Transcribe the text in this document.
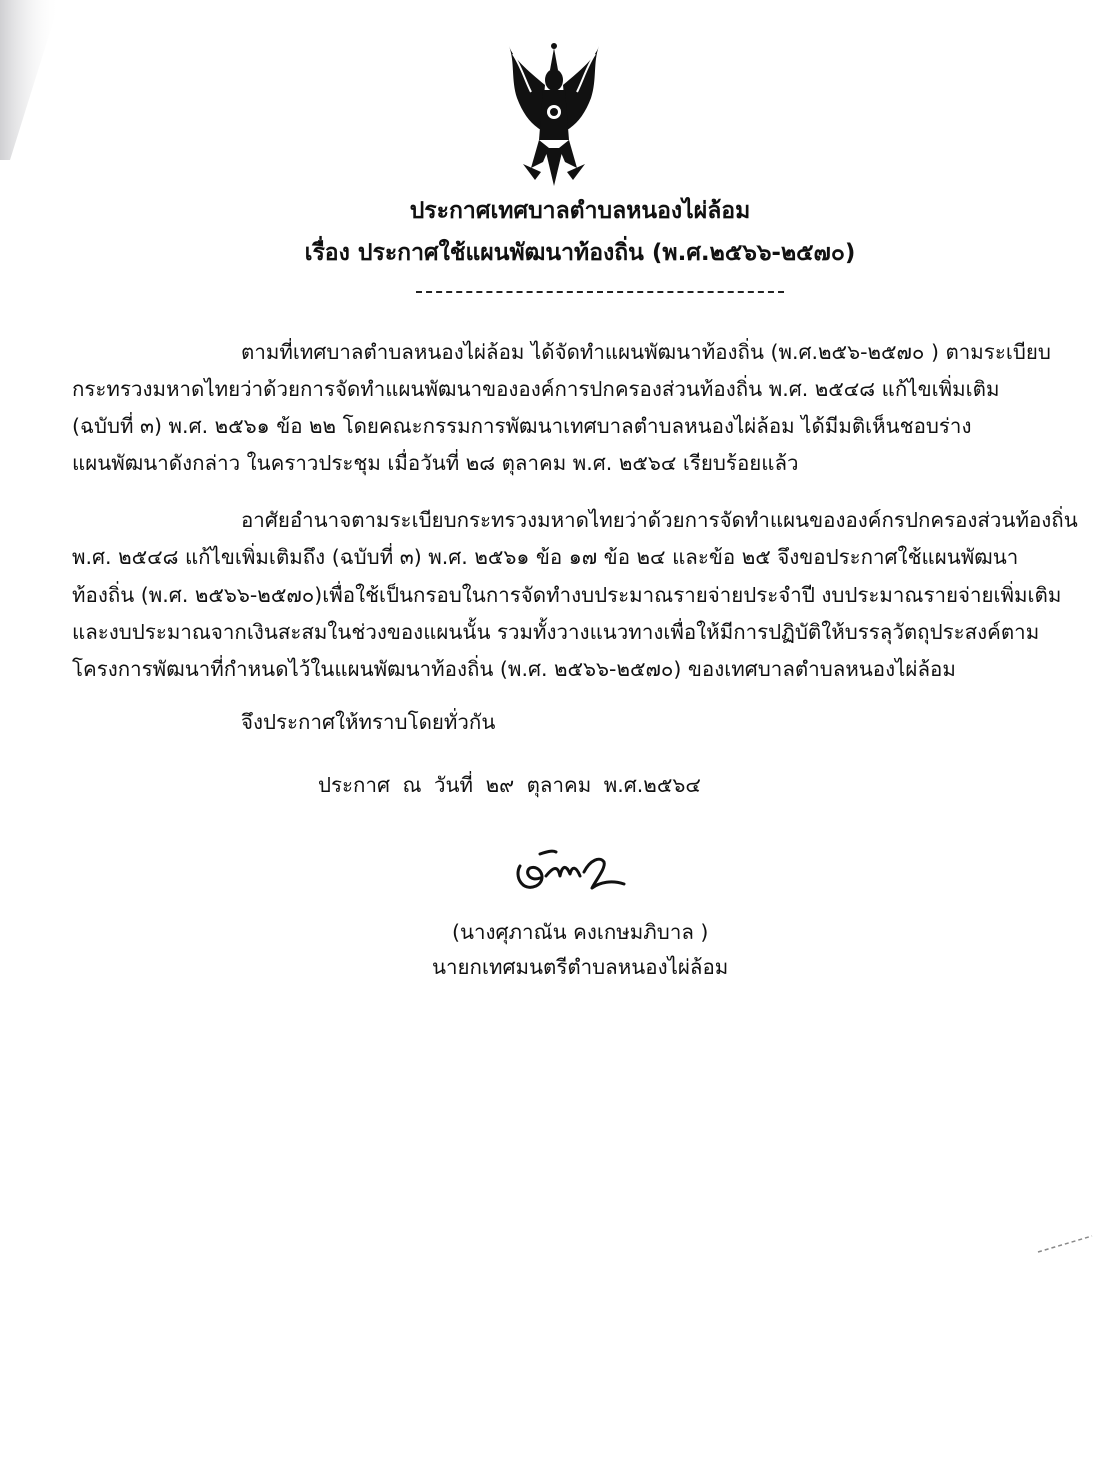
ประกาศเทศบาลตำบลหนองไผ่ล้อม
เรื่อง ประกาศใช้แผนพัฒนาท้องถิ่น (พ.ศ.๒๕๖๖-๒๕๗๐)
ตามที่เทศบาลตำบลหนองไผ่ล้อม ได้จัดทำแผนพัฒนาท้องถิ่น (พ.ศ.๒๕๖-๒๕๗๐ ) ตามระเบียบ
กระทรวงมหาดไทยว่าด้วยการจัดทำแผนพัฒนาขององค์การปกครองส่วนท้องถิ่น พ.ศ. ๒๕๔๘ แก้ไขเพิ่มเติม
(ฉบับที่ ๓) พ.ศ. ๒๕๖๑ ข้อ ๒๒ โดยคณะกรรมการพัฒนาเทศบาลตำบลหนองไผ่ล้อม ได้มีมติเห็นชอบร่าง
แผนพัฒนาดังกล่าว ในคราวประชุม เมื่อวันที่ ๒๘ ตุลาคม พ.ศ. ๒๕๖๔ เรียบร้อยแล้ว
อาศัยอำนาจตามระเบียบกระทรวงมหาดไทยว่าด้วยการจัดทำแผนขององค์กรปกครองส่วนท้องถิ่น
พ.ศ. ๒๕๔๘ แก้ไขเพิ่มเติมถึง (ฉบับที่ ๓) พ.ศ. ๒๕๖๑ ข้อ ๑๗ ข้อ ๒๔ และข้อ ๒๕ จึงขอประกาศใช้แผนพัฒนา
ท้องถิ่น (พ.ศ. ๒๕๖๖-๒๕๗๐)เพื่อใช้เป็นกรอบในการจัดทำงบประมาณรายจ่ายประจำปี งบประมาณรายจ่ายเพิ่มเติม
และงบประมาณจากเงินสะสมในช่วงของแผนนั้น รวมทั้งวางแนวทางเพื่อให้มีการปฏิบัติให้บรรลุวัตถุประสงค์ตาม
โครงการพัฒนาที่กำหนดไว้ในแผนพัฒนาท้องถิ่น (พ.ศ. ๒๕๖๖-๒๕๗๐) ของเทศบาลตำบลหนองไผ่ล้อม
จึงประกาศให้ทราบโดยทั่วกัน
ประกาศ ณ วันที่ ๒๙ ตุลาคม พ.ศ.๒๕๖๔
(นางศุภาณัน คงเกษมภิบาล )
นายกเทศมนตรีตำบลหนองไผ่ล้อม
